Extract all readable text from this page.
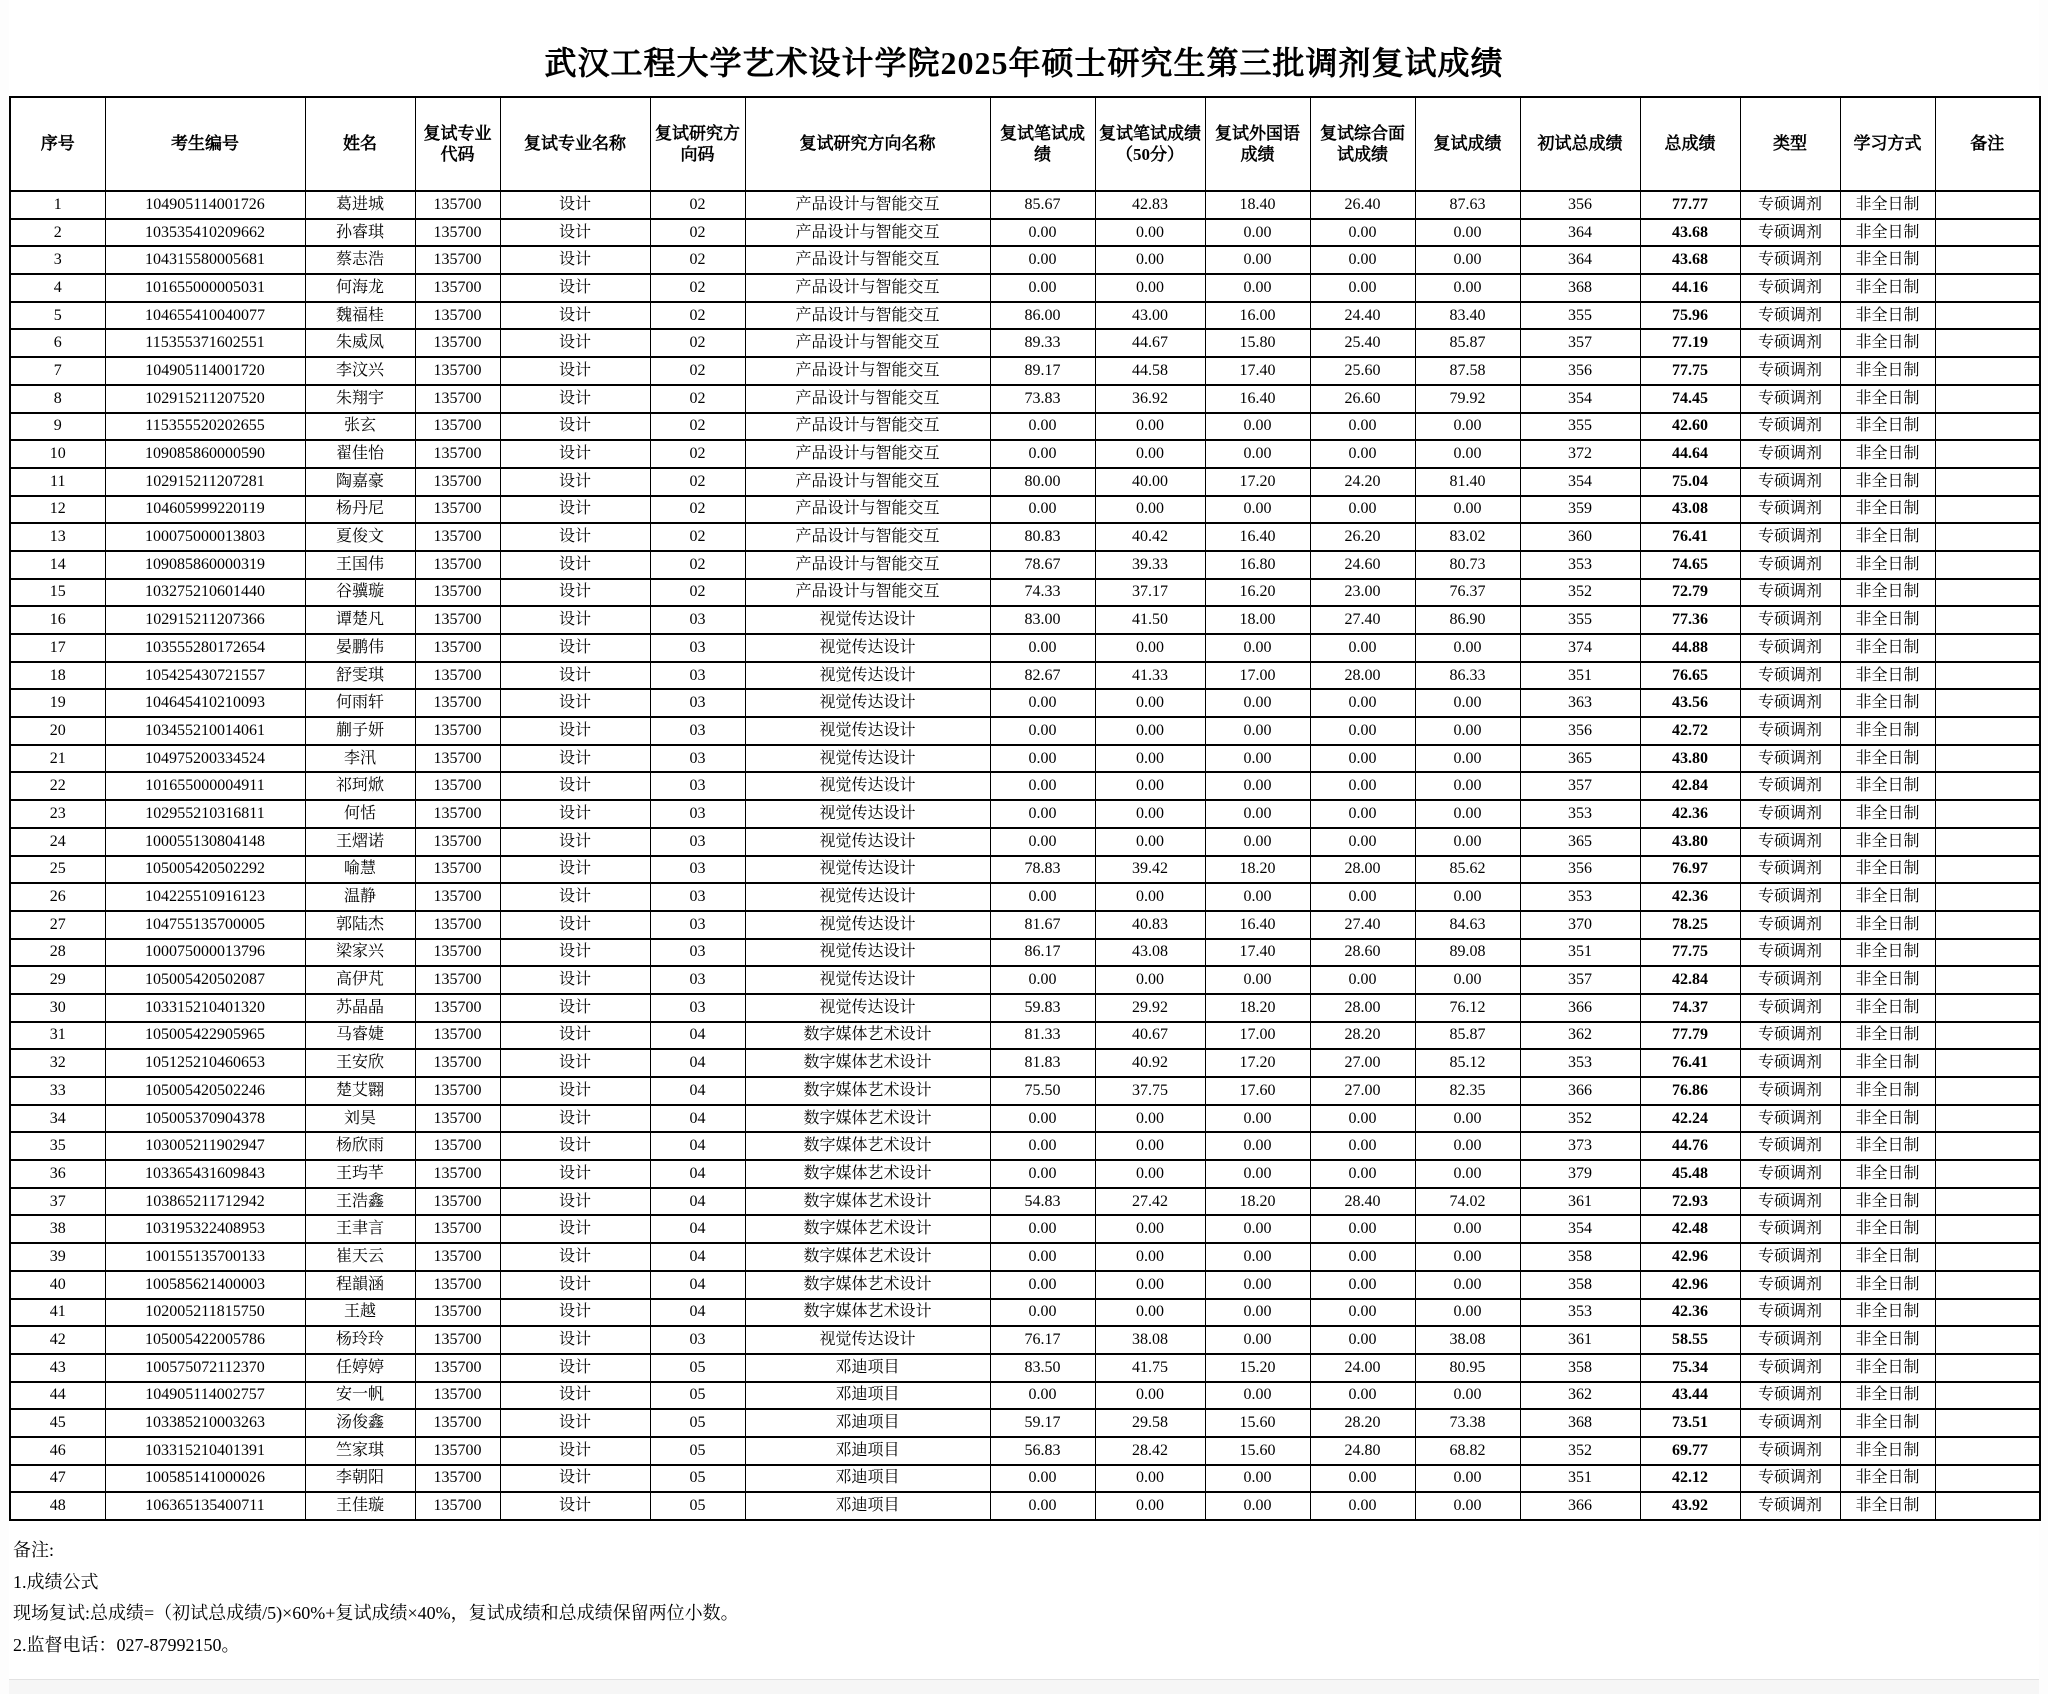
武汉工程大学艺术设计学院2025年硕士研究生第三批调剂复试成绩
序号	考生编号	姓名	复试专业代码	复试专业名称	复试研究方向码	复试研究方向名称	复试笔试成绩	复试笔试成绩（50分）	复试外国语成绩	复试综合面试成绩	复试成绩	初试总成绩	总成绩	类型	学习方式	备注
1	104905114001726	葛进城	135700	设计	02	产品设计与智能交互	85.67	42.83	18.40	26.40	87.63	356	77.77	专硕调剂	非全日制	
2	103535410209662	孙睿琪	135700	设计	02	产品设计与智能交互	0.00	0.00	0.00	0.00	0.00	364	43.68	专硕调剂	非全日制	
3	104315580005681	蔡志浩	135700	设计	02	产品设计与智能交互	0.00	0.00	0.00	0.00	0.00	364	43.68	专硕调剂	非全日制	
4	101655000005031	何海龙	135700	设计	02	产品设计与智能交互	0.00	0.00	0.00	0.00	0.00	368	44.16	专硕调剂	非全日制	
5	104655410040077	魏福桂	135700	设计	02	产品设计与智能交互	86.00	43.00	16.00	24.40	83.40	355	75.96	专硕调剂	非全日制	
6	115355371602551	朱威凤	135700	设计	02	产品设计与智能交互	89.33	44.67	15.80	25.40	85.87	357	77.19	专硕调剂	非全日制	
7	104905114001720	李汶兴	135700	设计	02	产品设计与智能交互	89.17	44.58	17.40	25.60	87.58	356	77.75	专硕调剂	非全日制	
8	102915211207520	朱翔宇	135700	设计	02	产品设计与智能交互	73.83	36.92	16.40	26.60	79.92	354	74.45	专硕调剂	非全日制	
9	115355520202655	张玄	135700	设计	02	产品设计与智能交互	0.00	0.00	0.00	0.00	0.00	355	42.60	专硕调剂	非全日制	
10	109085860000590	翟佳怡	135700	设计	02	产品设计与智能交互	0.00	0.00	0.00	0.00	0.00	372	44.64	专硕调剂	非全日制	
11	102915211207281	陶嘉豪	135700	设计	02	产品设计与智能交互	80.00	40.00	17.20	24.20	81.40	354	75.04	专硕调剂	非全日制	
12	104605999220119	杨丹尼	135700	设计	02	产品设计与智能交互	0.00	0.00	0.00	0.00	0.00	359	43.08	专硕调剂	非全日制	
13	100075000013803	夏俊文	135700	设计	02	产品设计与智能交互	80.83	40.42	16.40	26.20	83.02	360	76.41	专硕调剂	非全日制	
14	109085860000319	王国伟	135700	设计	02	产品设计与智能交互	78.67	39.33	16.80	24.60	80.73	353	74.65	专硕调剂	非全日制	
15	103275210601440	谷骥璇	135700	设计	02	产品设计与智能交互	74.33	37.17	16.20	23.00	76.37	352	72.79	专硕调剂	非全日制	
16	102915211207366	谭楚凡	135700	设计	03	视觉传达设计	83.00	41.50	18.00	27.40	86.90	355	77.36	专硕调剂	非全日制	
17	103555280172654	晏鹏伟	135700	设计	03	视觉传达设计	0.00	0.00	0.00	0.00	0.00	374	44.88	专硕调剂	非全日制	
18	105425430721557	舒雯琪	135700	设计	03	视觉传达设计	82.67	41.33	17.00	28.00	86.33	351	76.65	专硕调剂	非全日制	
19	104645410210093	何雨轩	135700	设计	03	视觉传达设计	0.00	0.00	0.00	0.00	0.00	363	43.56	专硕调剂	非全日制	
20	103455210014061	蒯子妍	135700	设计	03	视觉传达设计	0.00	0.00	0.00	0.00	0.00	356	42.72	专硕调剂	非全日制	
21	104975200334524	李汛	135700	设计	03	视觉传达设计	0.00	0.00	0.00	0.00	0.00	365	43.80	专硕调剂	非全日制	
22	101655000004911	祁珂焮	135700	设计	03	视觉传达设计	0.00	0.00	0.00	0.00	0.00	357	42.84	专硕调剂	非全日制	
23	102955210316811	何恬	135700	设计	03	视觉传达设计	0.00	0.00	0.00	0.00	0.00	353	42.36	专硕调剂	非全日制	
24	100055130804148	王熠诺	135700	设计	03	视觉传达设计	0.00	0.00	0.00	0.00	0.00	365	43.80	专硕调剂	非全日制	
25	105005420502292	喻慧	135700	设计	03	视觉传达设计	78.83	39.42	18.20	28.00	85.62	356	76.97	专硕调剂	非全日制	
26	104225510916123	温静	135700	设计	03	视觉传达设计	0.00	0.00	0.00	0.00	0.00	353	42.36	专硕调剂	非全日制	
27	104755135700005	郭陆杰	135700	设计	03	视觉传达设计	81.67	40.83	16.40	27.40	84.63	370	78.25	专硕调剂	非全日制	
28	100075000013796	梁家兴	135700	设计	03	视觉传达设计	86.17	43.08	17.40	28.60	89.08	351	77.75	专硕调剂	非全日制	
29	105005420502087	高伊芃	135700	设计	03	视觉传达设计	0.00	0.00	0.00	0.00	0.00	357	42.84	专硕调剂	非全日制	
30	103315210401320	苏晶晶	135700	设计	03	视觉传达设计	59.83	29.92	18.20	28.00	76.12	366	74.37	专硕调剂	非全日制	
31	105005422905965	马睿婕	135700	设计	04	数字媒体艺术设计	81.33	40.67	17.00	28.20	85.87	362	77.79	专硕调剂	非全日制	
32	105125210460653	王安欣	135700	设计	04	数字媒体艺术设计	81.83	40.92	17.20	27.00	85.12	353	76.41	专硕调剂	非全日制	
33	105005420502246	楚艾翾	135700	设计	04	数字媒体艺术设计	75.50	37.75	17.60	27.00	82.35	366	76.86	专硕调剂	非全日制	
34	105005370904378	刘昊	135700	设计	04	数字媒体艺术设计	0.00	0.00	0.00	0.00	0.00	352	42.24	专硕调剂	非全日制	
35	103005211902947	杨欣雨	135700	设计	04	数字媒体艺术设计	0.00	0.00	0.00	0.00	0.00	373	44.76	专硕调剂	非全日制	
36	103365431609843	王玙芊	135700	设计	04	数字媒体艺术设计	0.00	0.00	0.00	0.00	0.00	379	45.48	专硕调剂	非全日制	
37	103865211712942	王浩鑫	135700	设计	04	数字媒体艺术设计	54.83	27.42	18.20	28.40	74.02	361	72.93	专硕调剂	非全日制	
38	103195322408953	王聿言	135700	设计	04	数字媒体艺术设计	0.00	0.00	0.00	0.00	0.00	354	42.48	专硕调剂	非全日制	
39	100155135700133	崔天云	135700	设计	04	数字媒体艺术设计	0.00	0.00	0.00	0.00	0.00	358	42.96	专硕调剂	非全日制	
40	100585621400003	程韻涵	135700	设计	04	数字媒体艺术设计	0.00	0.00	0.00	0.00	0.00	358	42.96	专硕调剂	非全日制	
41	102005211815750	王越	135700	设计	04	数字媒体艺术设计	0.00	0.00	0.00	0.00	0.00	353	42.36	专硕调剂	非全日制	
42	105005422005786	杨玲玲	135700	设计	03	视觉传达设计	76.17	38.08	0.00	0.00	38.08	361	58.55	专硕调剂	非全日制	
43	100575072112370	任婷婷	135700	设计	05	邓迪项目	83.50	41.75	15.20	24.00	80.95	358	75.34	专硕调剂	非全日制	
44	104905114002757	安一帆	135700	设计	05	邓迪项目	0.00	0.00	0.00	0.00	0.00	362	43.44	专硕调剂	非全日制	
45	103385210003263	汤俊鑫	135700	设计	05	邓迪项目	59.17	29.58	15.60	28.20	73.38	368	73.51	专硕调剂	非全日制	
46	103315210401391	竺家琪	135700	设计	05	邓迪项目	56.83	28.42	15.60	24.80	68.82	352	69.77	专硕调剂	非全日制	
47	100585141000026	李朝阳	135700	设计	05	邓迪项目	0.00	0.00	0.00	0.00	0.00	351	42.12	专硕调剂	非全日制	
48	106365135400711	王佳璇	135700	设计	05	邓迪项目	0.00	0.00	0.00	0.00	0.00	366	43.92	专硕调剂	非全日制	
备注:
1.成绩公式
现场复试:总成绩=（初试总成绩/5)×60%+复试成绩×40%，复试成绩和总成绩保留两位小数。
2.监督电话：027-87992150。
